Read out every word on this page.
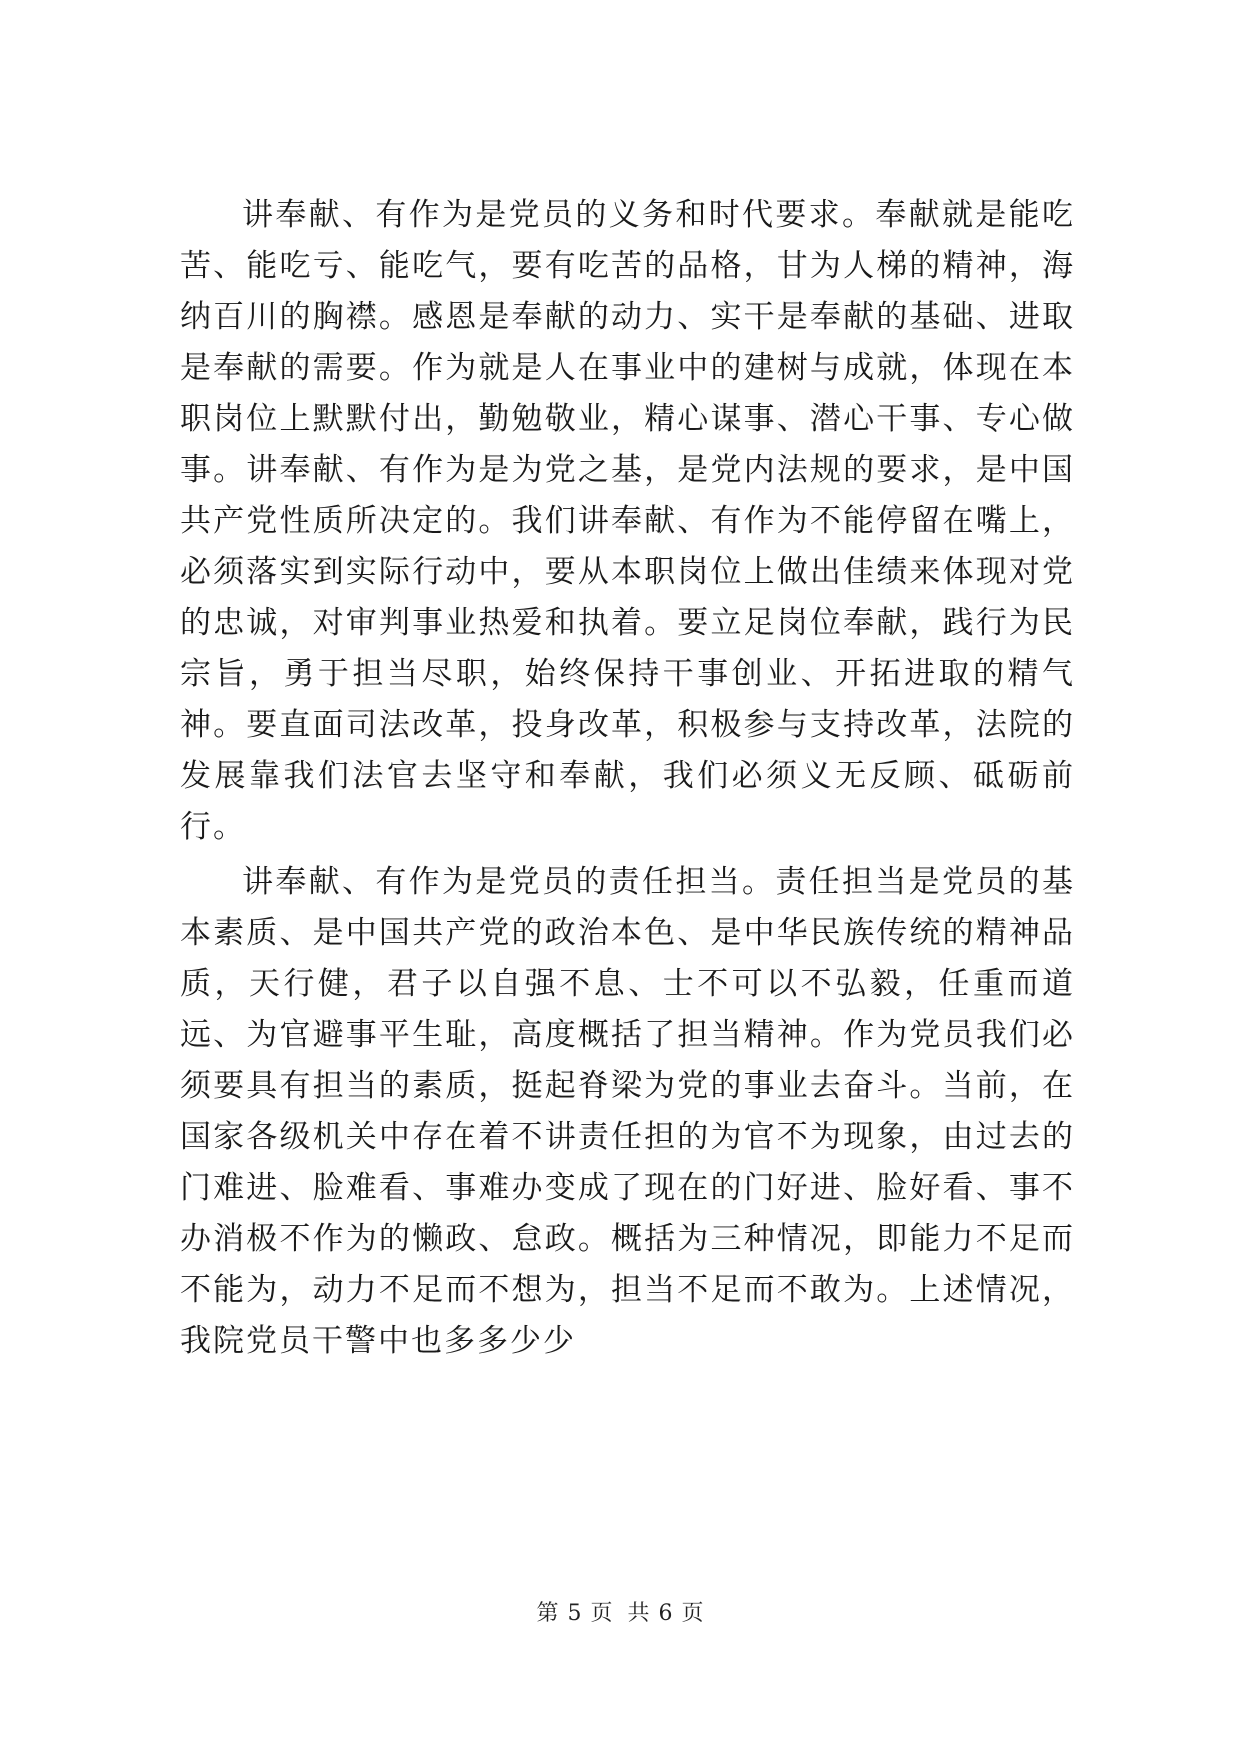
讲奉献、有作为是党员的义务和时代要求。奉献就是能吃苦、能吃亏、能吃气，要有吃苦的品格，甘为人梯的精神，海纳百川的胸襟。感恩是奉献的动力、实干是奉献的基础、进取是奉献的需要。作为就是人在事业中的建树与成就，体现在本职岗位上默默付出，勤勉敬业，精心谋事、潜心干事、专心做事。讲奉献、有作为是为党之基，是党内法规的要求，是中国共产党性质所决定的。我们讲奉献、有作为不能停留在嘴上，必须落实到实际行动中，要从本职岗位上做出佳绩来体现对党的忠诚，对审判事业热爱和执着。要立足岗位奉献，践行为民宗旨，勇于担当尽职，始终保持干事创业、开拓进取的精气神。要直面司法改革，投身改革，积极参与支持改革，法院的发展靠我们法官去坚守和奉献，我们必须义无反顾、砥砺前行。

讲奉献、有作为是党员的责任担当。责任担当是党员的基本素质、是中国共产党的政治本色、是中华民族传统的精神品质，天行健，君子以自强不息、士不可以不弘毅，任重而道远、为官避事平生耻，高度概括了担当精神。作为党员我们必须要具有担当的素质，挺起脊梁为党的事业去奋斗。当前，在国家各级机关中存在着不讲责任担的为官不为现象，由过去的门难进、脸难看、事难办变成了现在的门好进、脸好看、事不办消极不作为的懒政、怠政。概括为三种情况，即能力不足而不能为，动力不足而不想为，担当不足而不敢为。上述情况，我院党员干警中也多多少少

第 5 页 共 6 页
